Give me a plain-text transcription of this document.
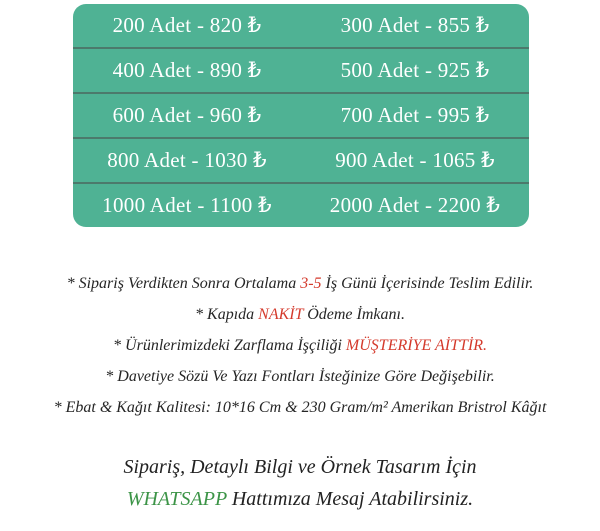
200 Adet - 820 ₺	300 Adet - 855 ₺
400 Adet - 890 ₺	500 Adet - 925 ₺
600 Adet - 960 ₺	700 Adet - 995 ₺
800 Adet - 1030 ₺	900 Adet - 1065 ₺
1000 Adet - 1100 ₺	2000 Adet - 2200 ₺
* Sipariş Verdikten Sonra Ortalama 3-5 İş Günü İçerisinde Teslim Edilir.
* Kapıda NAKİT Ödeme İmkanı.
* Ürünlerimizdeki Zarflama İşçiliği MÜŞTERİYE AİTTİR.
* Davetiye Sözü Ve Yazı Fontları İsteğinize Göre Değişebilir.
* Ebat & Kağıt Kalitesi: 10*16 Cm & 230 Gram/m² Amerikan Bristrol Kâğıt
Sipariş, Detaylı Bilgi ve Örnek Tasarım İçin
WHATSAPP Hattımıza Mesaj Atabilirsiniz.
